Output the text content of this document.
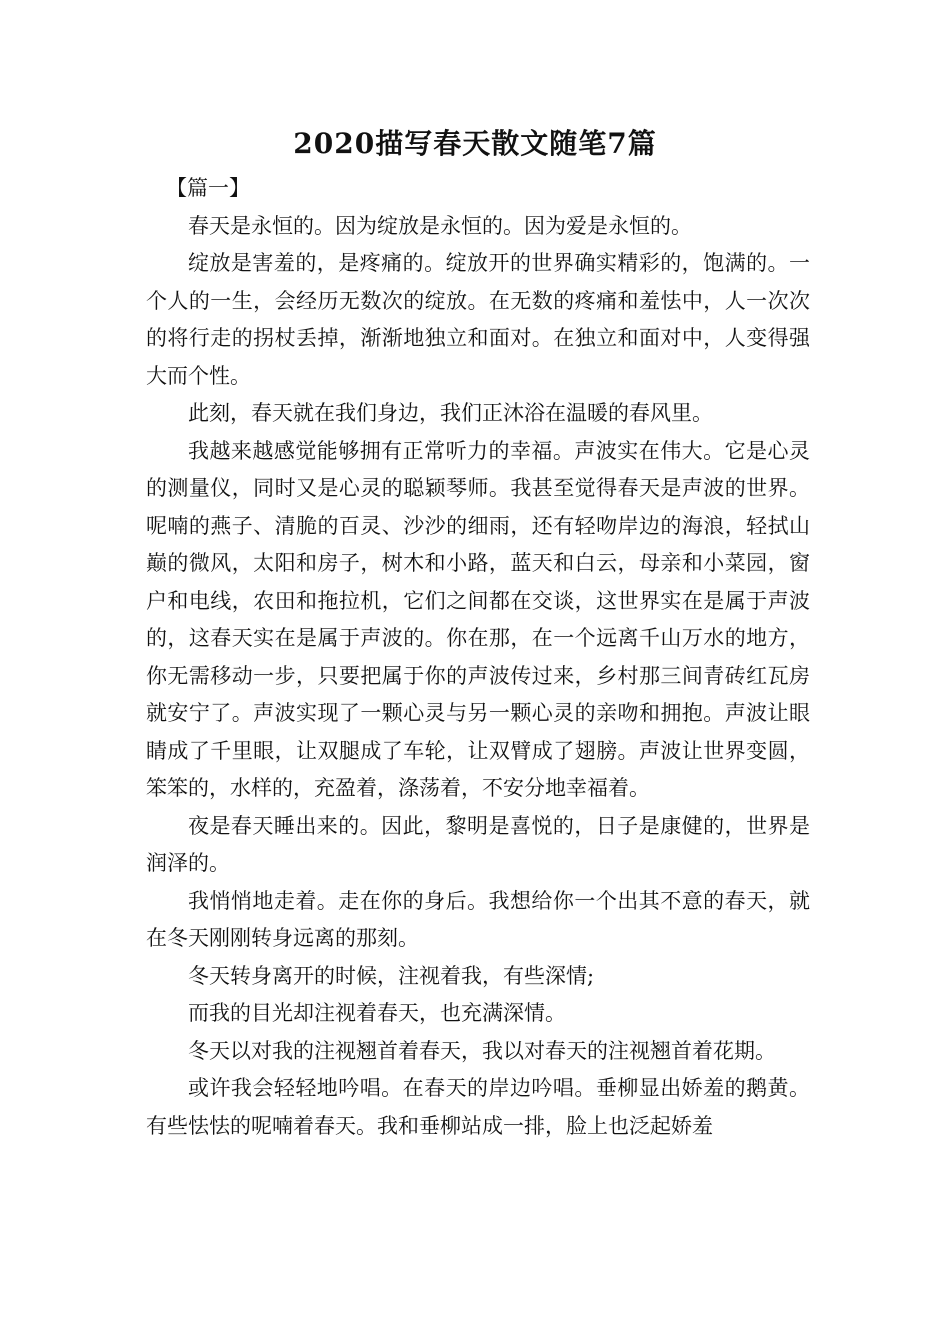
2020描写春天散文随笔7篇

【篇一】

春天是永恒的。因为绽放是永恒的。因为爱是永恒的。

绽放是害羞的，是疼痛的。绽放开的世界确实精彩的，饱满的。一个人的一生，会经历无数次的绽放。在无数的疼痛和羞怯中，人一次次的将行走的拐杖丢掉，渐渐地独立和面对。在独立和面对中，人变得强大而个性。

此刻，春天就在我们身边，我们正沐浴在温暖的春风里。

我越来越感觉能够拥有正常听力的幸福。声波实在伟大。它是心灵的测量仪，同时又是心灵的聪颖琴师。我甚至觉得春天是声波的世界。呢喃的燕子、清脆的百灵、沙沙的细雨，还有轻吻岸边的海浪，轻拭山巅的微风，太阳和房子，树木和小路，蓝天和白云，母亲和小菜园，窗户和电线，农田和拖拉机，它们之间都在交谈，这世界实在是属于声波的，这春天实在是属于声波的。你在那，在一个远离千山万水的地方，你无需移动一步，只要把属于你的声波传过来，乡村那三间青砖红瓦房就安宁了。声波实现了一颗心灵与另一颗心灵的亲吻和拥抱。声波让眼睛成了千里眼，让双腿成了车轮，让双臂成了翅膀。声波让世界变圆，笨笨的，水样的，充盈着，涤荡着，不安分地幸福着。

夜是春天睡出来的。因此，黎明是喜悦的，日子是康健的，世界是润泽的。

我悄悄地走着。走在你的身后。我想给你一个出其不意的春天，就在冬天刚刚转身远离的那刻。

冬天转身离开的时候，注视着我，有些深情;

而我的目光却注视着春天，也充满深情。

冬天以对我的注视翘首着春天，我以对春天的注视翘首着花期。

或许我会轻轻地吟唱。在春天的岸边吟唱。垂柳显出娇羞的鹅黄。有些怯怯的呢喃着春天。我和垂柳站成一排，脸上也泛起娇羞
